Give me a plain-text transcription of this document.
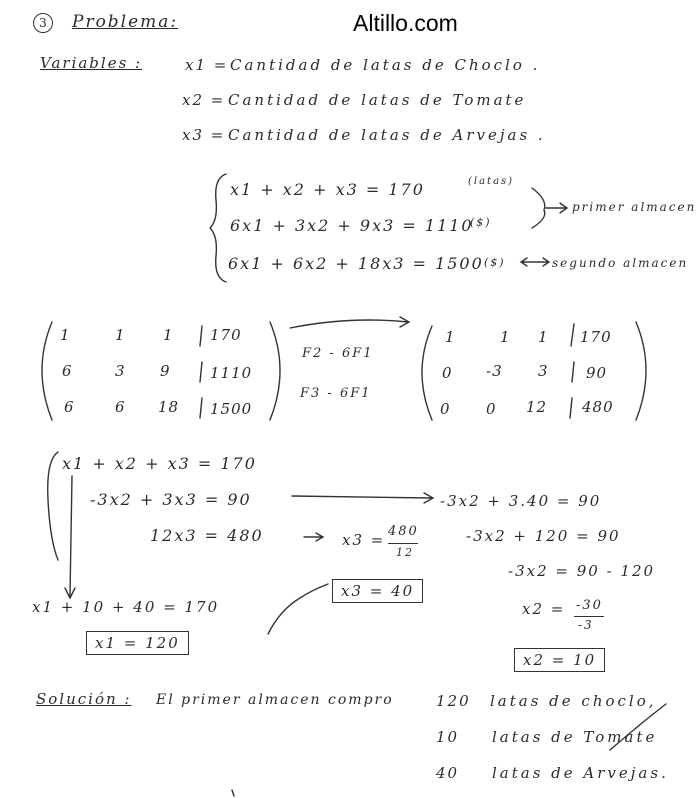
Altillo.com
3	Problema:
Variables :	x1 = Cantidad de latas de Choclo .
x2 = Cantidad de latas de Tomate
x3 = Cantidad de latas de Arvejas .
x1 + x2 + x3 = 170	(latas)
6x1 + 3x2 + 9x3 = 1110
($)
6x1 + 6x2 + 18x3 = 1500 ($)
primer almacen
segundo almacen
1	1 1 170
6	3 9	1110
6	6 18 1500
F2 - 6F1
F3 - 6F1
1	1 1 170
0 -3 3 90
0 0 12 480
x1 + x2 + x3 = 170
-3x2 + 3x3 = 90
12x3 = 480	x3 = 480
12
x3 = 40
-3x2 + 3.40 = 90
-3x2 + 120 = 90
-3x2 = 90 - 120
x2 = -30
-3
x2 = 10
x1 + 10 + 40 = 170
x1 = 120
Solución : El primer almacen compro	120 latas de choclo,
10 latas de Tomate
40 latas de Arvejas.
